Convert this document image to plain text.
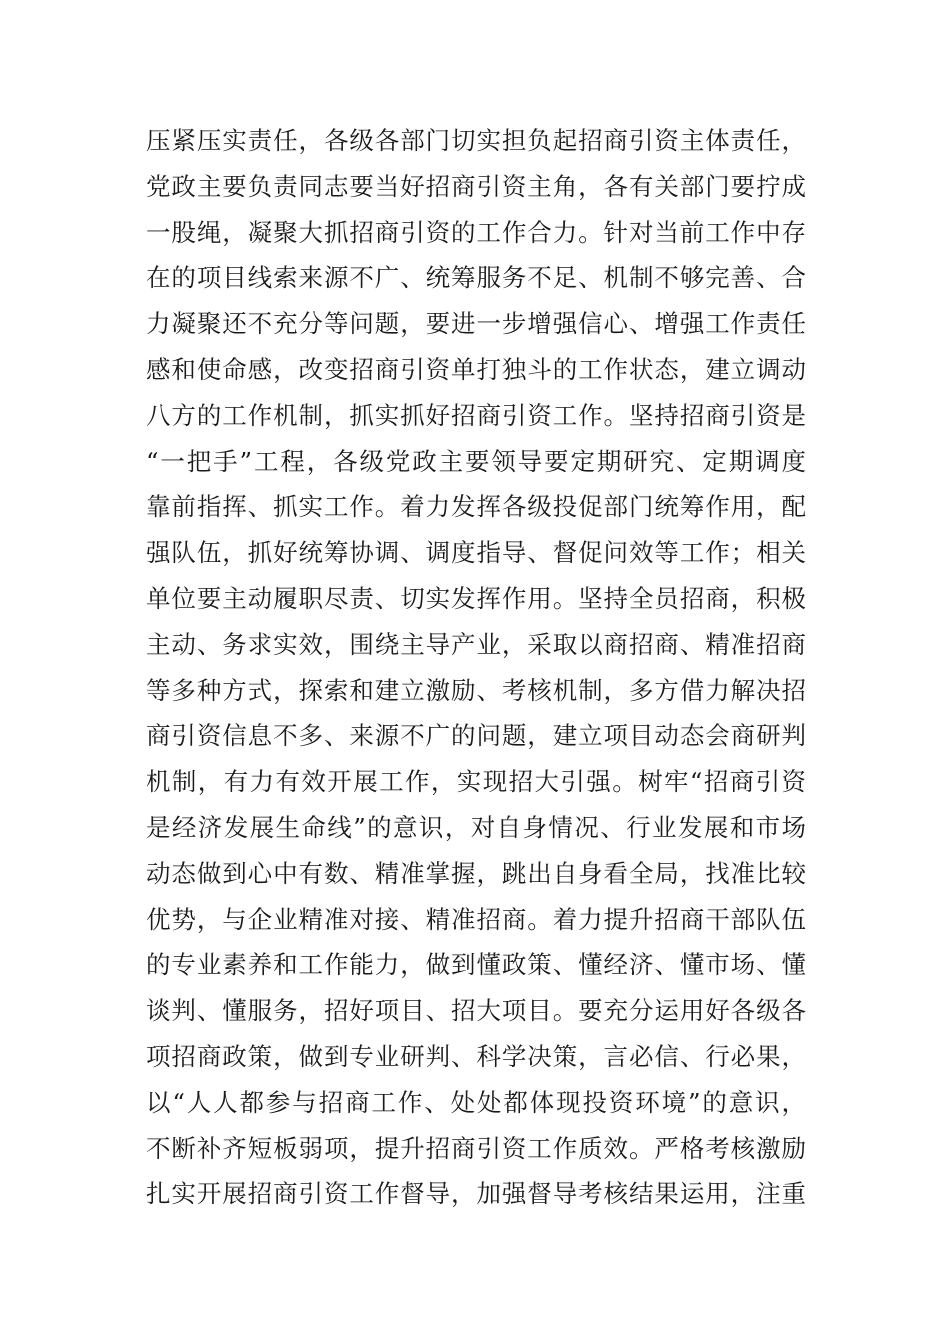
压紧压实责任，各级各部门切实担负起招商引资主体责任，
党政主要负责同志要当好招商引资主角，各有关部门要拧成
一股绳，凝聚大抓招商引资的工作合力。针对当前工作中存
在的项目线索来源不广、统筹服务不足、机制不够完善、合
力凝聚还不充分等问题，要进一步增强信心、增强工作责任
感和使命感，改变招商引资单打独斗的工作状态，建立调动
八方的工作机制，抓实抓好招商引资工作。坚持招商引资是
“一把手”工程，各级党政主要领导要定期研究、定期调度
靠前指挥、抓实工作。着力发挥各级投促部门统筹作用，配
强队伍，抓好统筹协调、调度指导、督促问效等工作；相关
单位要主动履职尽责、切实发挥作用。坚持全员招商，积极
主动、务求实效，围绕主导产业，采取以商招商、精准招商
等多种方式，探索和建立激励、考核机制，多方借力解决招
商引资信息不多、来源不广的问题，建立项目动态会商研判
机制，有力有效开展工作，实现招大引强。树牢“招商引资
是经济发展生命线”的意识，对自身情况、行业发展和市场
动态做到心中有数、精准掌握，跳出自身看全局，找准比较
优势，与企业精准对接、精准招商。着力提升招商干部队伍
的专业素养和工作能力，做到懂政策、懂经济、懂市场、懂
谈判、懂服务，招好项目、招大项目。要充分运用好各级各
项招商政策，做到专业研判、科学决策，言必信、行必果，
以“人人都参与招商工作、处处都体现投资环境”的意识，
不断补齐短板弱项，提升招商引资工作质效。严格考核激励
扎实开展招商引资工作督导，加强督导考核结果运用，注重
